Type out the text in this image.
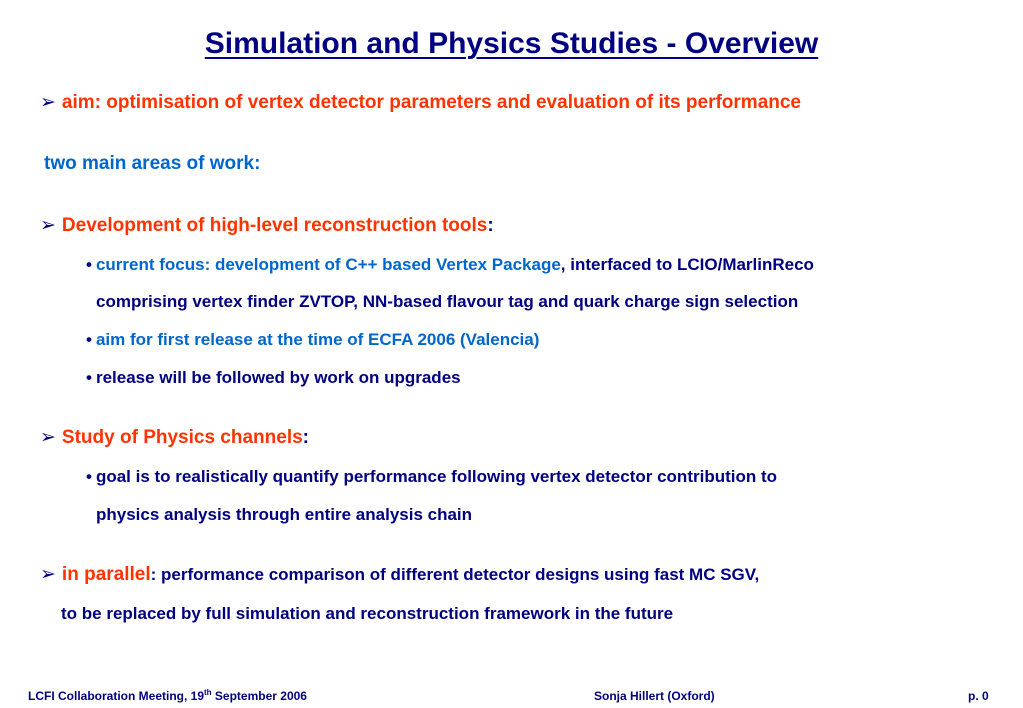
Simulation and Physics Studies - Overview
➢ aim: optimisation of vertex detector parameters and evaluation of its performance
two main areas of work:
➢ Development of high-level reconstruction tools:
• current focus: development of C++ based Vertex Package, interfaced to LCIO/MarlinReco
comprising vertex finder ZVTOP, NN-based flavour tag and quark charge sign selection
• aim for first release at the time of ECFA 2006 (Valencia)
• release will be followed by work on upgrades
➢ Study of Physics channels:
• goal is to realistically quantify performance following vertex detector contribution to
physics analysis through entire analysis chain
➢ in parallel: performance comparison of different detector designs using fast MC SGV,
to be replaced by full simulation and reconstruction framework in the future
LCFI Collaboration Meeting, 19th September 2006	Sonja Hillert (Oxford)	p. 0
